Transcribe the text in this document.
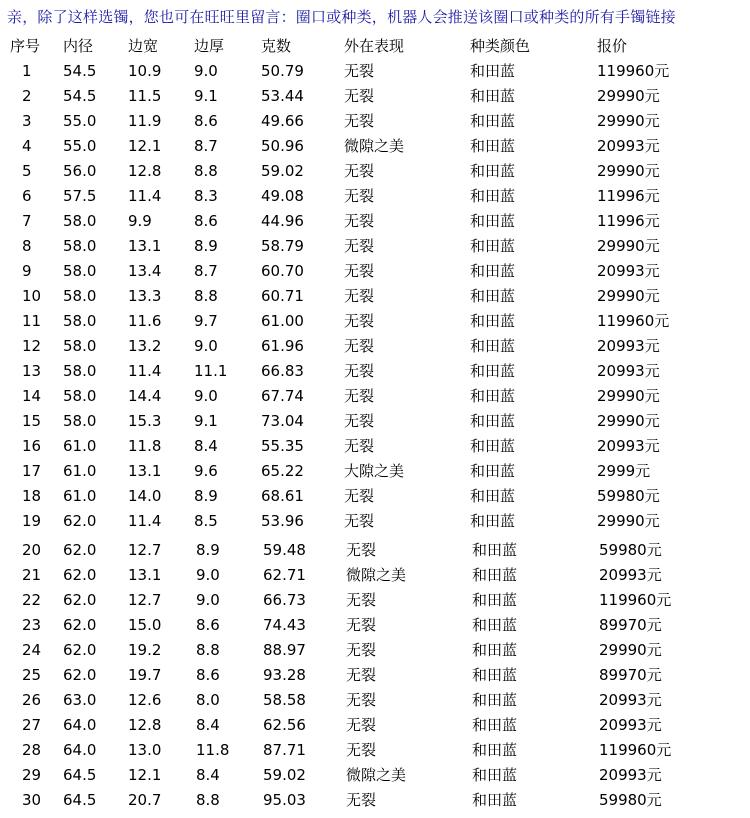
亲，除了这样选镯，您也可在旺旺里留言：圈口或种类，机器人会推送该圈口或种类的所有手镯链接
序号 内径 边宽 边厚 克数	外在表现	种类颜色	报价
1 54.5 10.9 9.0	50.79	无裂	和田蓝	119960元
2 54.5 11.5 9.1	53.44	无裂	和田蓝	29990元
3 55.0 11.9 8.6	49.66	无裂	和田蓝	29990元
4 55.0 12.1 8.7	50.96	微隙之美	和田蓝	20993元
5 56.0 12.8 8.8	59.02	无裂	和田蓝	29990元
6 57.5 11.4 8.3	49.08	无裂	和田蓝	11996元
7 58.0 9.9	8.6	44.96	无裂	和田蓝	11996元
8 58.0 13.1 8.9	58.79	无裂	和田蓝	29990元
9 58.0 13.4 8.7	60.70	无裂	和田蓝	20993元
10 58.0 13.3 8.8	60.71	无裂	和田蓝	29990元
11 58.0 11.6 9.7	61.00	无裂	和田蓝	119960元
12 58.0 13.2 9.0	61.96	无裂	和田蓝	20993元
13 58.0 11.4 11.1 66.83	无裂	和田蓝	20993元
14 58.0 14.4 9.0	67.74	无裂	和田蓝	29990元
15 58.0 15.3 9.1	73.04	无裂	和田蓝	29990元
16 61.0 11.8 8.4	55.35	无裂	和田蓝	20993元
17 61.0 13.1 9.6	65.22	大隙之美	和田蓝	2999元
18 61.0 14.0 8.9	68.61	无裂	和田蓝	59980元
19 62.0 11.4 8.5	53.96	无裂	和田蓝	29990元
20 62.0 12.7 8.9	59.48	无裂	和田蓝	59980元
21 62.0 13.1 9.0	62.71	微隙之美	和田蓝	20993元
22 62.0 12.7 9.0	66.73	无裂	和田蓝	119960元
23 62.0 15.0 8.6	74.43	无裂	和田蓝	89970元
24 62.0 19.2 8.8	88.97	无裂	和田蓝	29990元
25 62.0 19.7 8.6	93.28	无裂	和田蓝	89970元
26 63.0 12.6 8.0	58.58	无裂	和田蓝	20993元
27 64.0 12.8 8.4	62.56	无裂	和田蓝	20993元
28 64.0 13.0 11.8 87.71	无裂	和田蓝	119960元
29 64.5 12.1 8.4	59.02	微隙之美	和田蓝	20993元
30 64.5 20.7 8.8	95.03	无裂	和田蓝	59980元
